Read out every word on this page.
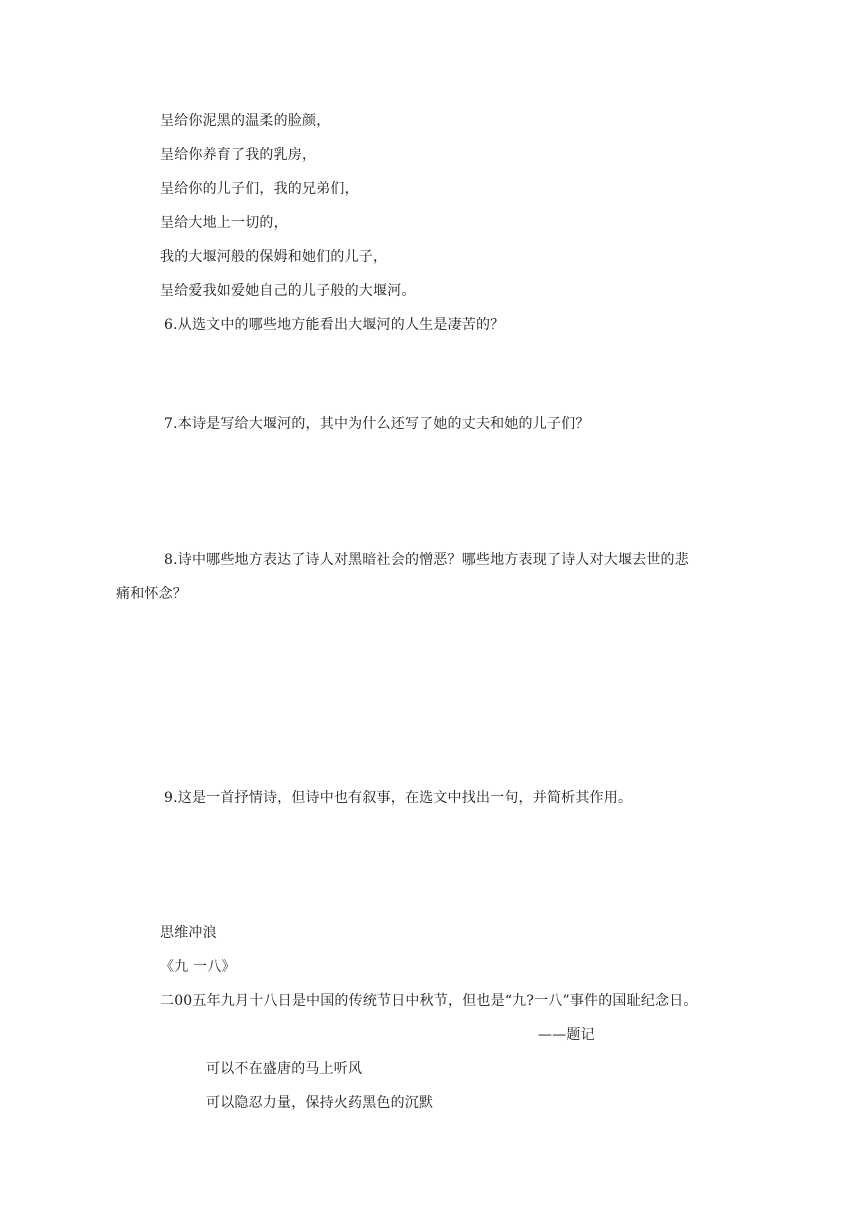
呈给你泥黑的温柔的脸颜，
呈给你养育了我的乳房，
呈给你的儿子们，我的兄弟们，
呈给大地上一切的，
我的大堰河般的保姆和她们的儿子，
呈给爱我如爱她自己的儿子般的大堰河。
6.从选文中的哪些地方能看出大堰河的人生是凄苦的？
7.本诗是写给大堰河的，其中为什么还写了她的丈夫和她的儿子们？
8.诗中哪些地方表达了诗人对黑暗社会的憎恶？哪些地方表现了诗人对大堰去世的悲
痛和怀念？
9.这是一首抒情诗，但诗中也有叙事，在选文中找出一句，并简析其作用。
思维冲浪
《九 一八》
二00五年九月十八日是中国的传统节日中秋节，但也是“九?一八”事件的国耻纪念日。
——题记
可以不在盛唐的马上听风
可以隐忍力量，保持火药黑色的沉默
